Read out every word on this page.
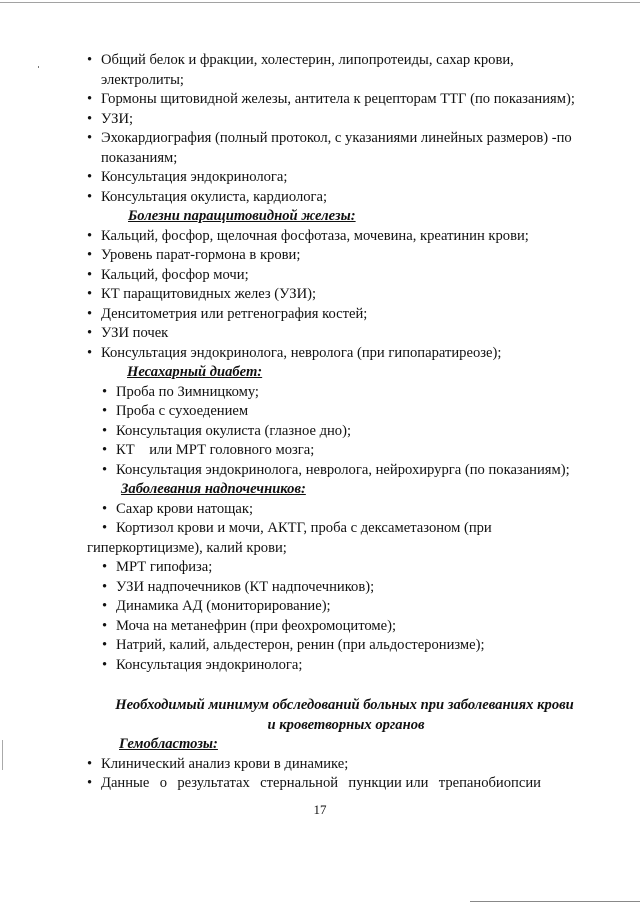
• Общий белок и фракции, холестерин, липопротеиды, сахар крови,
электролиты;
• Гормоны щитовидной железы, антитела к рецепторам ТТГ (по показаниям);
• УЗИ;
• Эхокардиография (полный протокол, с указаниями линейных размеров) -по
показаниям;
• Консультация эндокринолога;
• Консультация окулиста, кардиолога;
Болезни паращитовидной железы:
• Кальций, фосфор, щелочная фосфотаза, мочевина, креатинин крови;
• Уровень парат-гормона в крови;
• Кальций, фосфор мочи;
• КТ паращитовидных желез (УЗИ);
• Денситометрия или ретгенография костей;
• УЗИ почек
• Консультация эндокринолога, невролога (при гипопаратиреозе);
Несахарный диабет:
• Проба по Зимницкому;
• Проба с сухоедением
• Консультация окулиста (глазное дно);
• КТ    или МРТ головного мозга;
• Консультация эндокринолога, невролога, нейрохирурга (по показаниям);
Заболевания надпочечников:
• Сахар крови натощак;
• Кортизол крови и мочи, АКТГ, проба с дексаметазоном (при
гиперкортицизме), калий крови;
• МРТ гипофиза;
• УЗИ надпочечников (КТ надпочечников);
• Динамика АД (мониторирование);
• Моча на метанефрин (при феохромоцитоме);
• Натрий, калий, альдестерон, ренин (при альдостеронизме);
• Консультация эндокринолога;
Необходимый минимум обследований больных при заболеваниях крови
и кроветворных органов
Гемобластозы:
• Клинический анализ крови в динамике;
• Данные о результатах стернальной пункции или трепанобиопсии
17
